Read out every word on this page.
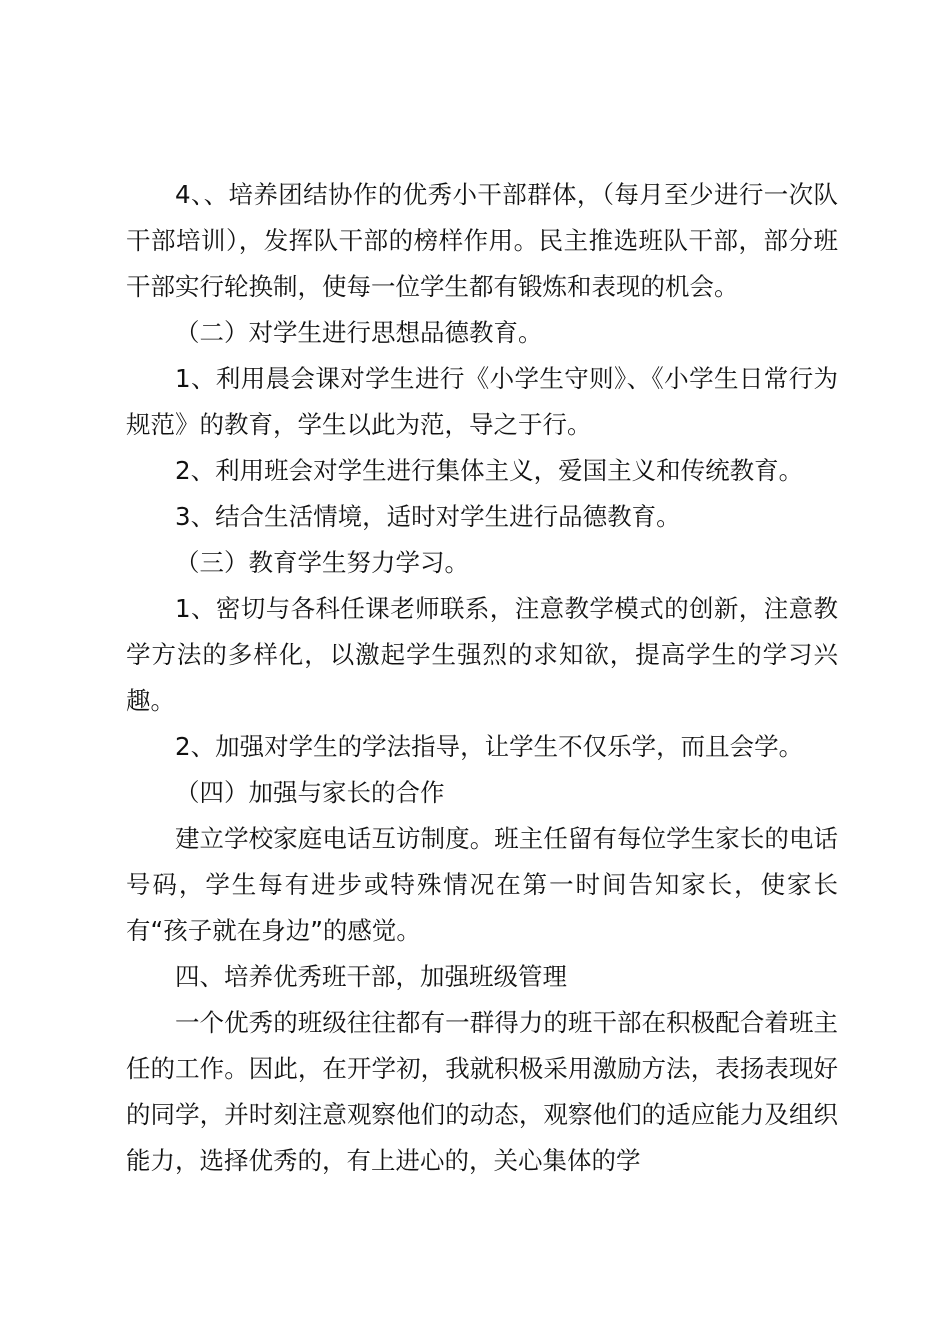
4、、培养团结协作的优秀小干部群体，（每月至少进行一次队干部培训），发挥队干部的榜样作用。民主推选班队干部，部分班干部实行轮换制，使每一位学生都有锻炼和表现的机会。

（二）对学生进行思想品德教育。

1、利用晨会课对学生进行《小学生守则》、《小学生日常行为规范》的教育，学生以此为范，导之于行。

2、利用班会对学生进行集体主义，爱国主义和传统教育。

3、结合生活情境，适时对学生进行品德教育。

（三）教育学生努力学习。

1、密切与各科任课老师联系，注意教学模式的创新，注意教学方法的多样化，以激起学生强烈的求知欲，提高学生的学习兴趣。

2、加强对学生的学法指导，让学生不仅乐学，而且会学。

（四）加强与家长的合作

建立学校家庭电话互访制度。班主任留有每位学生家长的电话号码，学生每有进步或特殊情况在第一时间告知家长，使家长有“孩子就在身边”的感觉。

四、培养优秀班干部，加强班级管理

一个优秀的班级往往都有一群得力的班干部在积极配合着班主任的工作。因此，在开学初，我就积极采用激励方法，表扬表现好的同学，并时刻注意观察他们的动态，观察他们的适应能力及组织能力，选择优秀的，有上进心的，关心集体的学
